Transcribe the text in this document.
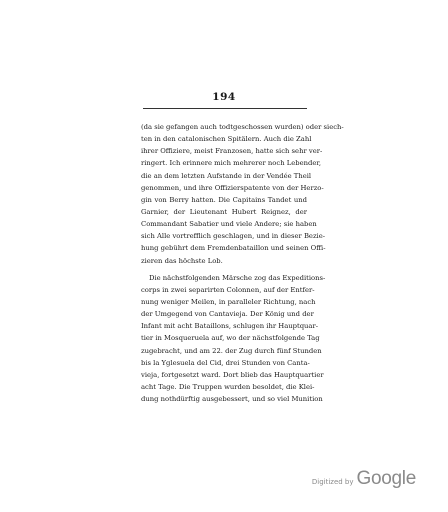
194
(da sie gefangen auch todtgeschossen wurden) oder siech-
ten in den catalonischen Spitälern. Auch die Zahl
ihrer Offiziere, meist Franzosen, hatte sich sehr ver-
ringert. Ich erinnere mich mehrerer noch Lebender,
die an dem letzten Aufstande in der Vendée Theil
genommen, und ihre Offizierspatente von der Herzo-
gin von Berry hatten. Die Capitains Tandet und
Garnier, der Lieutenant Hubert Reignez, der
Commandant Sabatier und viele Andere; sie haben
sich Alle vortrefflich geschlagen, und in dieser Bezie-
hung gebührt dem Fremdenbataillon und seinen Offi-
zieren das höchste Lob.
Die nächstfolgenden Märsche zog das Expeditions-
corps in zwei separirten Colonnen, auf der Entfer-
nung weniger Meilen, in paralleler Richtung, nach
der Umgegend von Cantavieja. Der König und der
Infant mit acht Bataillons, schlugen ihr Hauptquar-
tier in Mosqueruela auf, wo der nächstfolgende Tag
zugebracht, und am 22. der Zug durch fünf Stunden
bis la Yglesuela del Cid, drei Stunden von Canta-
vieja, fortgesetzt ward. Dort blieb das Hauptquartier
acht Tage. Die Truppen wurden besoldet, die Klei-
dung nothdürftig ausgebessert, und so viel Munition
Digitized by Google
